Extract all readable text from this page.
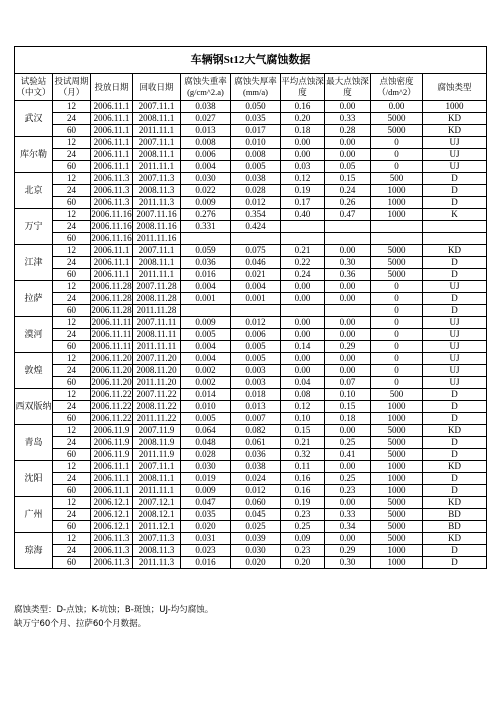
车辆钢St12大气腐蚀数据										
试验站（中文）	投试周期（月）	投放日期	回收日期	腐蚀失重率(g/cm^2.a)	腐蚀失厚率(mm/a)	平均点蚀深度	最大点蚀深度	点蚀密度（/dm^2）	腐蚀类型	
武汉	12	2006.11.1	2007.11.1	0.038	0.050	0.16	0.00	0.00	1000	
	24	2006.11.1	2008.11.1	0.027	0.035	0.20	0.33	5000	KD	
	60	2006.11.1	2011.11.1	0.013	0.017	0.18	0.28	5000	KD	
库尔勒	12	2006.11.1	2007.11.1	0.008	0.010	0.00	0.00	0	UJ	
	24	2006.11.1	2008.11.1	0.006	0.008	0.00	0.00	0	UJ	
	60	2006.11.1	2011.11.1	0.004	0.005	0.03	0.05	0	UJ	
北京	12	2006.11.3	2007.11.3	0.030	0.038	0.12	0.15	500	D	
	24	2006.11.3	2008.11.3	0.022	0.028	0.19	0.24	1000	D	
	60	2006.11.3	2011.11.3	0.009	0.012	0.17	0.26	1000	D	
万宁	12	2006.11.16	2007.11.16	0.276	0.354	0.40	0.47	1000	K	
	24	2006.11.16	2008.11.16	0.331	0.424					
	60	2006.11.16	2011.11.16							
江津	12	2006.11.1	2007.11.1	0.059	0.075	0.21	0.00	5000	KD	
	24	2006.11.1	2008.11.1	0.036	0.046	0.22	0.30	5000	D	
	60	2006.11.1	2011.11.1	0.016	0.021	0.24	0.36	5000	D	
拉萨	12	2006.11.28	2007.11.28	0.004	0.004	0.00	0.00	0	UJ	
	24	2006.11.28	2008.11.28	0.001	0.001	0.00	0.00	0	D	
	60	2006.11.28	2011.11.28					0	D	
漠河	12	2006.11.11	2007.11.11	0.009	0.012	0.00	0.00	0	UJ	
	24	2006.11.11	2008.11.11	0.005	0.006	0.00	0.00	0	UJ	
	60	2006.11.11	2011.11.11	0.004	0.005	0.14	0.29	0	UJ	
敦煌	12	2006.11.20	2007.11.20	0.004	0.005	0.00	0.00	0	UJ	
	24	2006.11.20	2008.11.20	0.002	0.003	0.00	0.00	0	UJ	
	60	2006.11.20	2011.11.20	0.002	0.003	0.04	0.07	0	UJ	
西双版纳	12	2006.11.22	2007.11.22	0.014	0.018	0.08	0.10	500	D	
	24	2006.11.22	2008.11.22	0.010	0.013	0.12	0.15	1000	D	
	60	2006.11.22	2011.11.22	0.005	0.007	0.10	0.18	1000	D	
青岛	12	2006.11.9	2007.11.9	0.064	0.082	0.15	0.00	5000	KD	
	24	2006.11.9	2008.11.9	0.048	0.061	0.21	0.25	5000	D	
	60	2006.11.9	2011.11.9	0.028	0.036	0.32	0.41	5000	D	
沈阳	12	2006.11.1	2007.11.1	0.030	0.038	0.11	0.00	1000	KD	
	24	2006.11.1	2008.11.1	0.019	0.024	0.16	0.25	1000	D	
	60	2006.11.1	2011.11.1	0.009	0.012	0.16	0.23	1000	D	
广州	12	2006.12.1	2007.12.1	0.047	0.060	0.19	0.00	5000	KD	
	24	2006.12.1	2008.12.1	0.035	0.045	0.23	0.33	5000	BD	
	60	2006.12.1	2011.12.1	0.020	0.025	0.25	0.34	5000	BD	
琼海	12	2006.11.3	2007.11.3	0.031	0.039	0.09	0.00	5000	KD	
	24	2006.11.3	2008.11.3	0.023	0.030	0.23	0.29	1000	D	
	60	2006.11.3	2011.11.3	0.016	0.020	0.20	0.30	1000	D	
腐蚀类型：D-点蚀；K-坑蚀；B-斑蚀；UJ-均匀腐蚀。
缺万宁60个月、拉萨60个月数据。
